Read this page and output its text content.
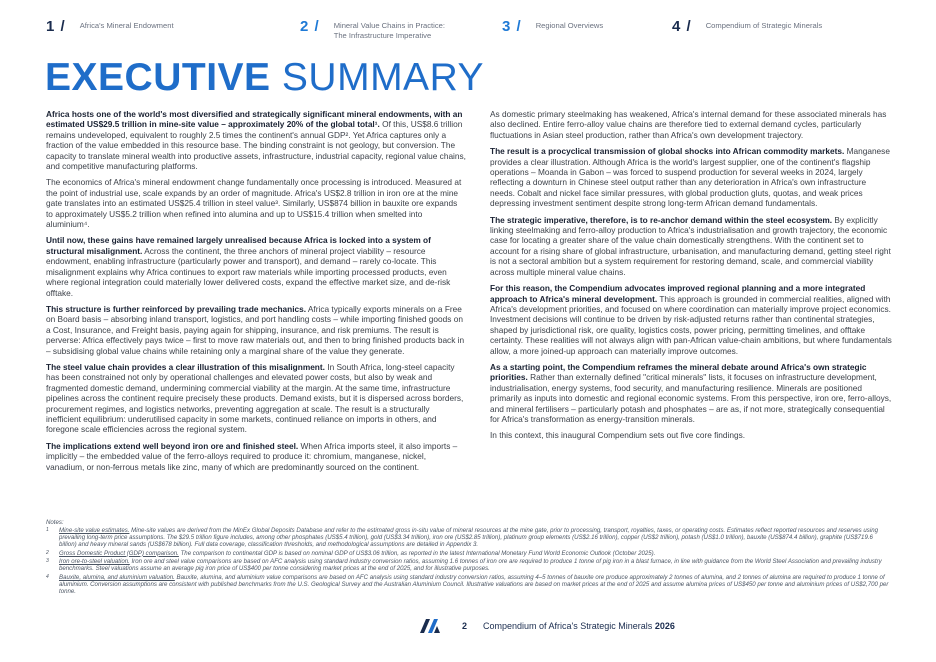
1 / Africa's Mineral Endowment	2 / Mineral Value Chains in Practice:
The Infrastructure Imperative	3 / Regional Overviews	4 / Compendium of Strategic Minerals
EXECUTIVE SUMMARY

Africa hosts one of the world's most diversified and strategically significant mineral endowments, with an estimated US$29.5 trillion in mine-site value – approximately 20% of the global total¹. Of this, US$8.6 trillion remains undeveloped, equivalent to roughly 2.5 times the continent's annual GDP². Yet Africa captures only a fraction of the value embedded in this resource base. The binding constraint is not geology, but conversion. The capacity to translate mineral wealth into productive assets, infrastructure, industrial capacity, regional value chains, and competitive manufacturing platforms.

The economics of Africa's mineral endowment change fundamentally once processing is introduced. Measured at the point of industrial use, scale expands by an order of magnitude. Africa's US$2.8 trillion in iron ore at the mine gate translates into an estimated US$25.4 trillion in steel value³. Similarly, US$874 billion in bauxite ore expands to approximately US$5.2 trillion when refined into alumina and up to US$15.4 trillion when smelted into aluminium⁴.

Until now, these gains have remained largely unrealised because Africa is locked into a system of structural misalignment. Across the continent, the three anchors of mineral project viability – resource endowment, enabling infrastructure (particularly power and transport), and demand – rarely co-locate. This misalignment explains why Africa continues to export raw materials while importing processed products, even where regional integration could materially lower delivered costs, expand the effective market size, and de-risk offtake.

This structure is further reinforced by prevailing trade mechanics. Africa typically exports minerals on a Free on Board basis – absorbing inland transport, logistics, and port handling costs – while importing finished goods on a Cost, Insurance, and Freight basis, paying again for shipping, insurance, and risk premiums. The result is perverse: Africa effectively pays twice – first to move raw materials out, and then to bring finished products back in – subsidising global value chains while retaining only a marginal share of the value they generate.

The steel value chain provides a clear illustration of this misalignment. In South Africa, long-steel capacity has been constrained not only by operational challenges and elevated power costs, but also by weak and fragmented domestic demand, undermining commercial viability at the margin. At the same time, infrastructure pipelines across the continent require precisely these products. Demand exists, but it is dispersed across borders, procurement regimes, and logistics networks, preventing aggregation at scale. The result is a structurally inefficient equilibrium: underutilised capacity in some markets, continued reliance on imports in others, and foregone scale efficiencies across the regional system.

The implications extend well beyond iron ore and finished steel. When Africa imports steel, it also imports – implicitly – the embedded value of the ferro-alloys required to produce it: chromium, manganese, nickel, vanadium, or non-ferrous metals like zinc, many of which are predominantly sourced on the continent.

As domestic primary steelmaking has weakened, Africa's internal demand for these associated minerals has also declined. Entire ferro-alloy value chains are therefore tied to external demand cycles, particularly fluctuations in Asian steel production, rather than Africa's own development trajectory.

The result is a procyclical transmission of global shocks into African commodity markets. Manganese provides a clear illustration. Although Africa is the world's largest supplier, one of the continent's flagship operations – Moanda in Gabon – was forced to suspend production for several weeks in 2024, largely reflecting a downturn in Chinese steel output rather than any deterioration in Africa's own infrastructure needs. Cobalt and nickel face similar pressures, with global production gluts, quotas, and weak prices depressing investment sentiment despite strong long-term African demand fundamentals.

The strategic imperative, therefore, is to re-anchor demand within the steel ecosystem. By explicitly linking steelmaking and ferro-alloy production to Africa's industrialisation and growth trajectory, the economic case for locating a greater share of the value chain domestically strengthens. With the continent set to account for a rising share of global infrastructure, urbanisation, and manufacturing demand, getting steel right is not a sectoral ambition but a system requirement for restoring demand, scale, and commercial viability across multiple mineral value chains.

For this reason, the Compendium advocates improved regional planning and a more integrated approach to Africa's mineral development. This approach is grounded in commercial realities, aligned with Africa's development priorities, and focused on where coordination can materially improve project economics. Investment decisions will continue to be driven by risk-adjusted returns rather than continental strategies, shaped by jurisdictional risk, ore quality, logistics costs, power pricing, permitting timelines, and offtake certainty. These realities will not always align with pan-African value-chain ambitions, but where fundamentals allow, a more joined-up approach can materially improve outcomes.

As a starting point, the Compendium reframes the mineral debate around Africa's own strategic priorities. Rather than externally defined "critical minerals" lists, it focuses on infrastructure development, industrialisation, energy systems, food security, and manufacturing resilience. Minerals are positioned primarily as inputs into domestic and regional economic systems. From this perspective, iron ore, ferro-alloys, and mineral fertilisers – particularly potash and phosphates – are as, if not more, strategically consequential for Africa's transformation as energy-transition minerals.

In this context, this inaugural Compendium sets out five core findings.

Notes:
1	Mine-site value estimates. Mine-site values are derived from the MinEx Global Deposits Database and refer to the estimated gross in-situ value of mineral resources at the mine gate, prior to processing, transport, royalties, taxes, or operating costs. Estimates reflect reported resources and reserves using prevailing long-term price assumptions. The $29.5 trillion figure includes, among other phosphates (US$5.4 trillion), gold (US$3.34 trillion), iron ore (US$2.85 trillion), platinum group elements (US$2.16 trillion), copper (US$2 trillion), potash (US$1.0 trillion), bauxite (US$874.4 billion), graphite (US$719.6 billion) and heavy mineral sands (US$678 billion). Full data coverage, classification thresholds, and methodological assumptions are detailed in Appendix 3.
2	Gross Domestic Product (GDP) comparison. The comparison to continental GDP is based on nominal GDP of US$3.06 trillion, as reported in the latest International Monetary Fund World Economic Outlook (October 2025).
3	Iron ore-to-steel valuation. Iron ore and steel value comparisons are based on AFC analysis using standard industry conversion ratios, assuming 1.6 tonnes of iron ore are required to produce 1 tonne of pig iron in a blast furnace, in line with guidance from the World Steel Association and prevailing industry benchmarks. Steel valuations assume an average pig iron price of US$400 per tonne considering market prices at the end of 2025, and for illustrative purposes.
4	Bauxite, alumina, and aluminium valuation. Bauxite, alumina, and aluminium value comparisons are based on AFC analysis using standard industry conversion ratios, assuming 4–5 tonnes of bauxite ore produce approximately 2 tonnes of alumina, and 2 tonnes of alumina are required to produce 1 tonne of aluminium. Conversion assumptions are consistent with published benchmarks from the U.S. Geological Survey and the Australian Aluminium Council. Illustrative valuations are based on market prices at the end of 2025 and assume alumina prices of US$450 per tonne and aluminium prices of US$2,700 per tonne.
2 Compendium of Africa's Strategic Minerals 2026
